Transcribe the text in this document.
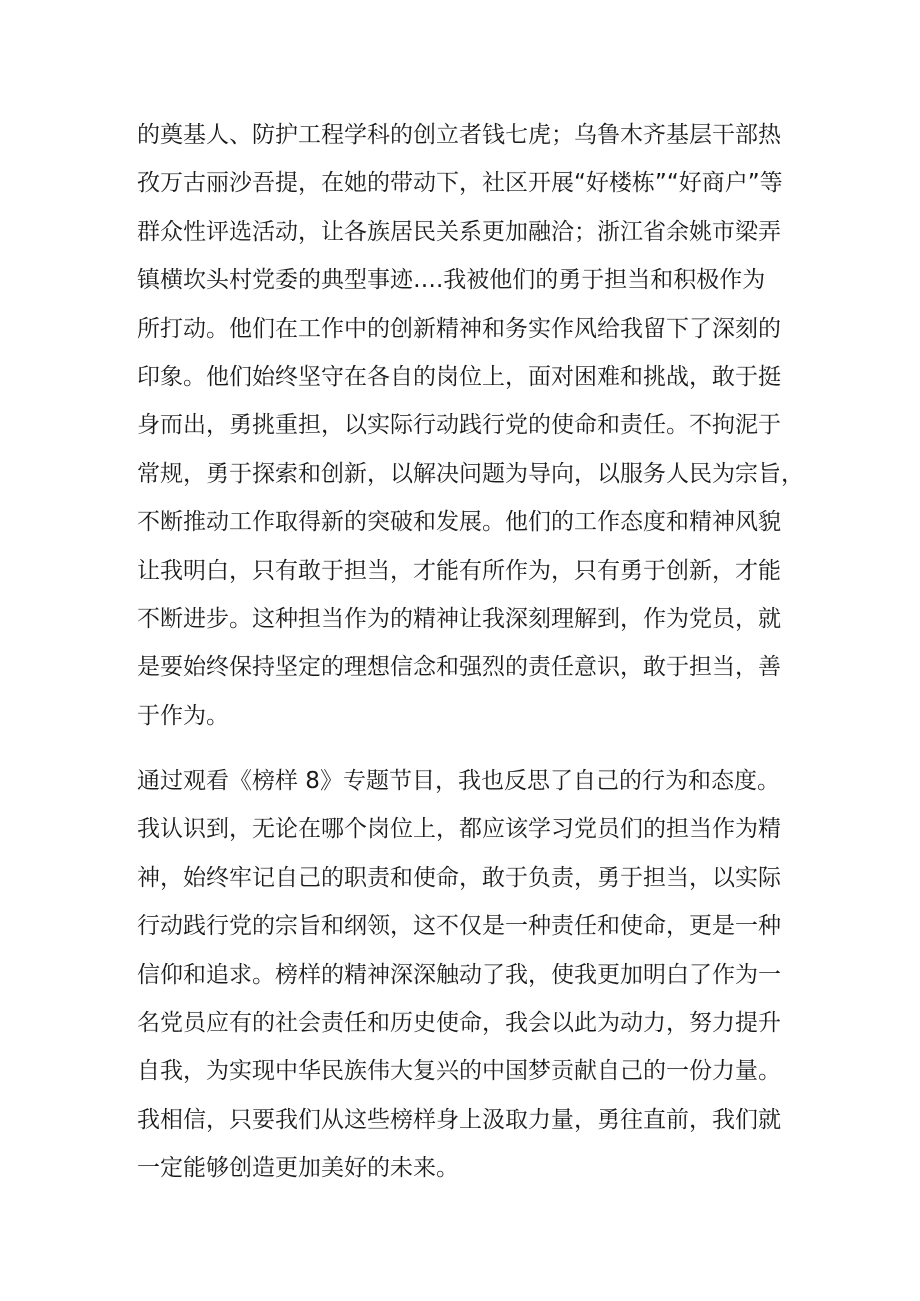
的奠基人、防护工程学科的创立者钱七虎；乌鲁木齐基层干部热
孜万古丽沙吾提，在她的带动下，社区开展“好楼栋”“好商户”等
群众性评选活动，让各族居民关系更加融洽；浙江省余姚市梁弄
镇横坎头村党委的典型事迹….我被他们的勇于担当和积极作为
所打动。他们在工作中的创新精神和务实作风给我留下了深刻的
印象。他们始终坚守在各自的岗位上，面对困难和挑战，敢于挺
身而出，勇挑重担，以实际行动践行党的使命和责任。不拘泥于
常规，勇于探索和创新，以解决问题为导向，以服务人民为宗旨，
不断推动工作取得新的突破和发展。他们的工作态度和精神风貌
让我明白，只有敢于担当，才能有所作为，只有勇于创新，才能
不断进步。这种担当作为的精神让我深刻理解到，作为党员，就
是要始终保持坚定的理想信念和强烈的责任意识，敢于担当，善
于作为。
通过观看《榜样 8》专题节目，我也反思了自己的行为和态度。
我认识到，无论在哪个岗位上，都应该学习党员们的担当作为精
神，始终牢记自己的职责和使命，敢于负责，勇于担当，以实际
行动践行党的宗旨和纲领，这不仅是一种责任和使命，更是一种
信仰和追求。榜样的精神深深触动了我，使我更加明白了作为一
名党员应有的社会责任和历史使命，我会以此为动力，努力提升
自我，为实现中华民族伟大复兴的中国梦贡献自己的一份力量。
我相信，只要我们从这些榜样身上汲取力量，勇往直前，我们就
一定能够创造更加美好的未来。
